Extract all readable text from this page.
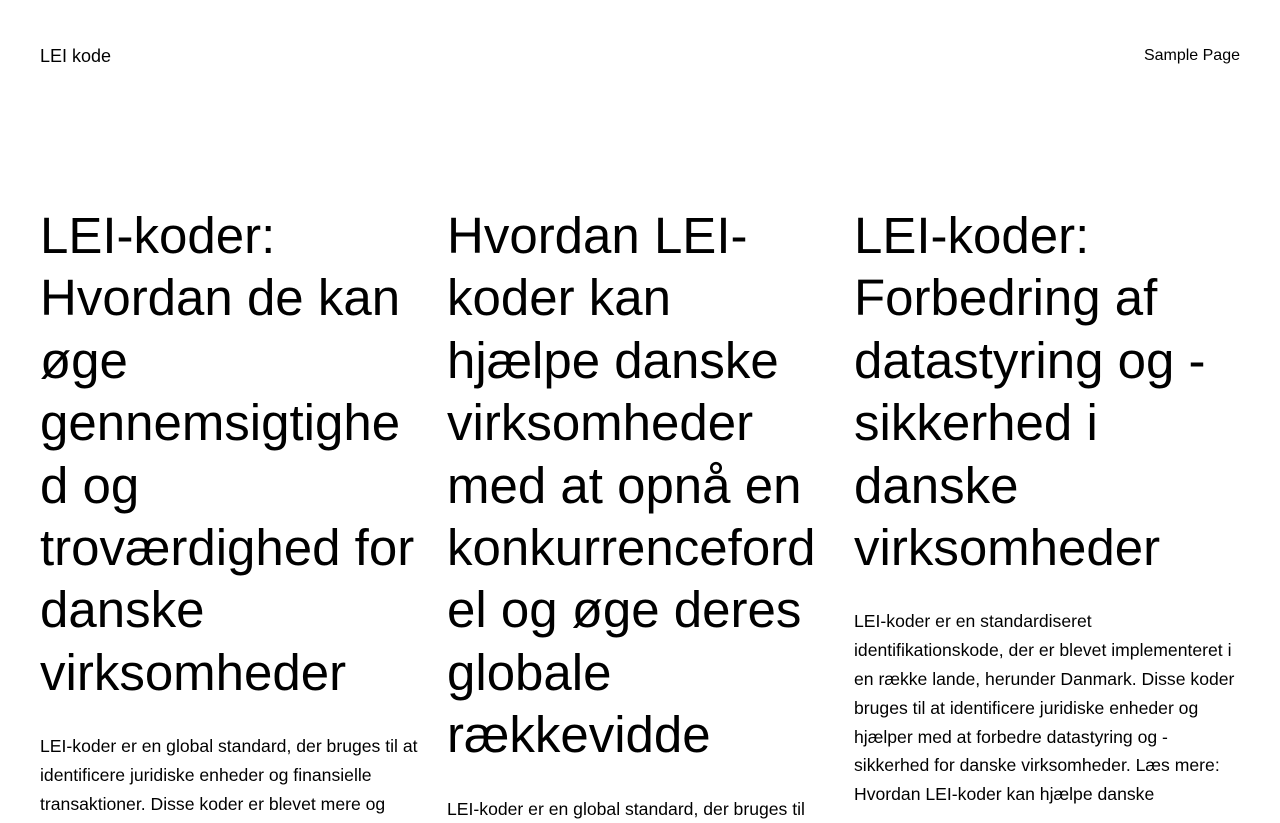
LEI kode	Sample Page
LEI-koder: Hvordan de kan øge gennemsigtighed og troværdighed for danske virksomheder

LEI-koder er en global standard, der bruges til at identificere juridiske enheder og finansielle transaktioner. Disse koder er blevet mere og

Hvordan LEI-koder kan hjælpe danske virksomheder med at opnå en konkurrencefordel og øge deres globale rækkevidde

LEI-koder er en global standard, der bruges til

LEI-koder: Forbedring af datastyring og -sikkerhed i danske virksomheder

LEI-koder er en standardiseret identifikationskode, der er blevet implementeret i en række lande, herunder Danmark. Disse koder bruges til at identificere juridiske enheder og hjælper med at forbedre datastyring og -sikkerhed for danske virksomheder. Læs mere: Hvordan LEI-koder kan hjælpe danske
